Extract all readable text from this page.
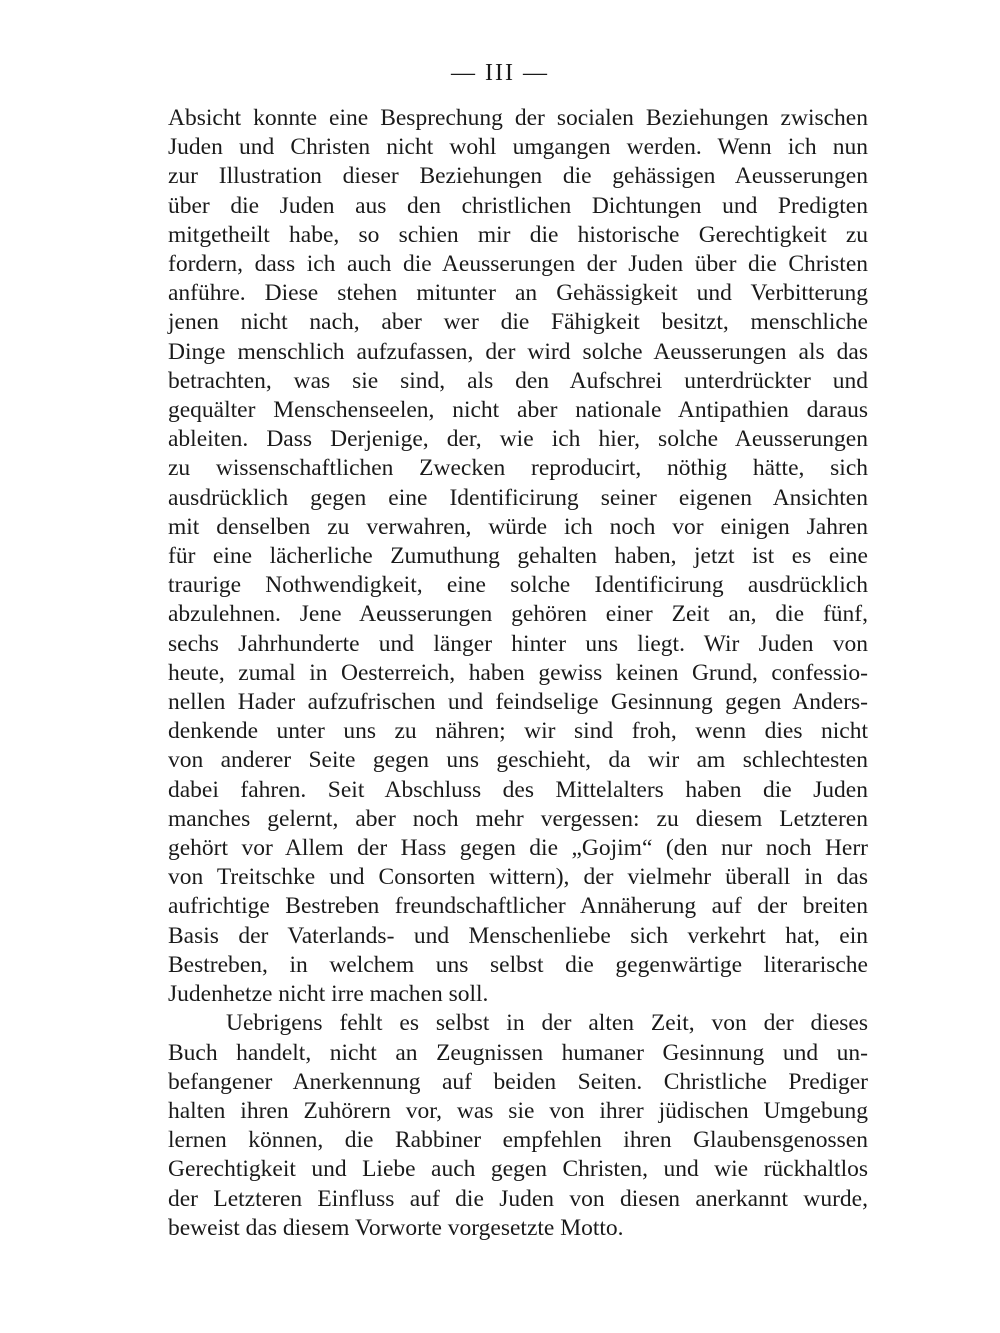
— III —
Absicht konnte eine Besprechung der socialen Beziehungen zwischen
Juden und Christen nicht wohl umgangen werden. Wenn ich nun
zur Illustration dieser Beziehungen die gehässigen Aeusserungen
über die Juden aus den christlichen Dichtungen und Predigten
mitgetheilt habe, so schien mir die historische Gerechtigkeit zu
fordern, dass ich auch die Aeusserungen der Juden über die Christen
anführe. Diese stehen mitunter an Gehässigkeit und Verbitterung
jenen nicht nach, aber wer die Fähigkeit besitzt, menschliche
Dinge menschlich aufzufassen, der wird solche Aeusserungen als das
betrachten, was sie sind, als den Aufschrei unterdrückter und
gequälter Menschenseelen, nicht aber nationale Antipathien daraus
ableiten. Dass Derjenige, der, wie ich hier, solche Aeusserungen
zu wissenschaftlichen Zwecken reproducirt, nöthig hätte, sich
ausdrücklich gegen eine Identificirung seiner eigenen Ansichten
mit denselben zu verwahren, würde ich noch vor einigen Jahren
für eine lächerliche Zumuthung gehalten haben, jetzt ist es eine
traurige Nothwendigkeit, eine solche Identificirung ausdrücklich
abzulehnen. Jene Aeusserungen gehören einer Zeit an, die fünf,
sechs Jahrhunderte und länger hinter uns liegt. Wir Juden von
heute, zumal in Oesterreich, haben gewiss keinen Grund, confessio-
nellen Hader aufzufrischen und feindselige Gesinnung gegen Anders-
denkende unter uns zu nähren; wir sind froh, wenn dies nicht
von anderer Seite gegen uns geschieht, da wir am schlechtesten
dabei fahren. Seit Abschluss des Mittelalters haben die Juden
manches gelernt, aber noch mehr vergessen: zu diesem Letzteren
gehört vor Allem der Hass gegen die „Gojim“ (den nur noch Herr
von Treitschke und Consorten wittern), der vielmehr überall in das
aufrichtige Bestreben freundschaftlicher Annäherung auf der breiten
Basis der Vaterlands- und Menschenliebe sich verkehrt hat, ein
Bestreben, in welchem uns selbst die gegenwärtige literarische
Judenhetze nicht irre machen soll.
Uebrigens fehlt es selbst in der alten Zeit, von der dieses
Buch handelt, nicht an Zeugnissen humaner Gesinnung und un-
befangener Anerkennung auf beiden Seiten. Christliche Prediger
halten ihren Zuhörern vor, was sie von ihrer jüdischen Umgebung
lernen können, die Rabbiner empfehlen ihren Glaubensgenossen
Gerechtigkeit und Liebe auch gegen Christen, und wie rückhaltlos
der Letzteren Einfluss auf die Juden von diesen anerkannt wurde,
beweist das diesem Vorworte vorgesetzte Motto.
